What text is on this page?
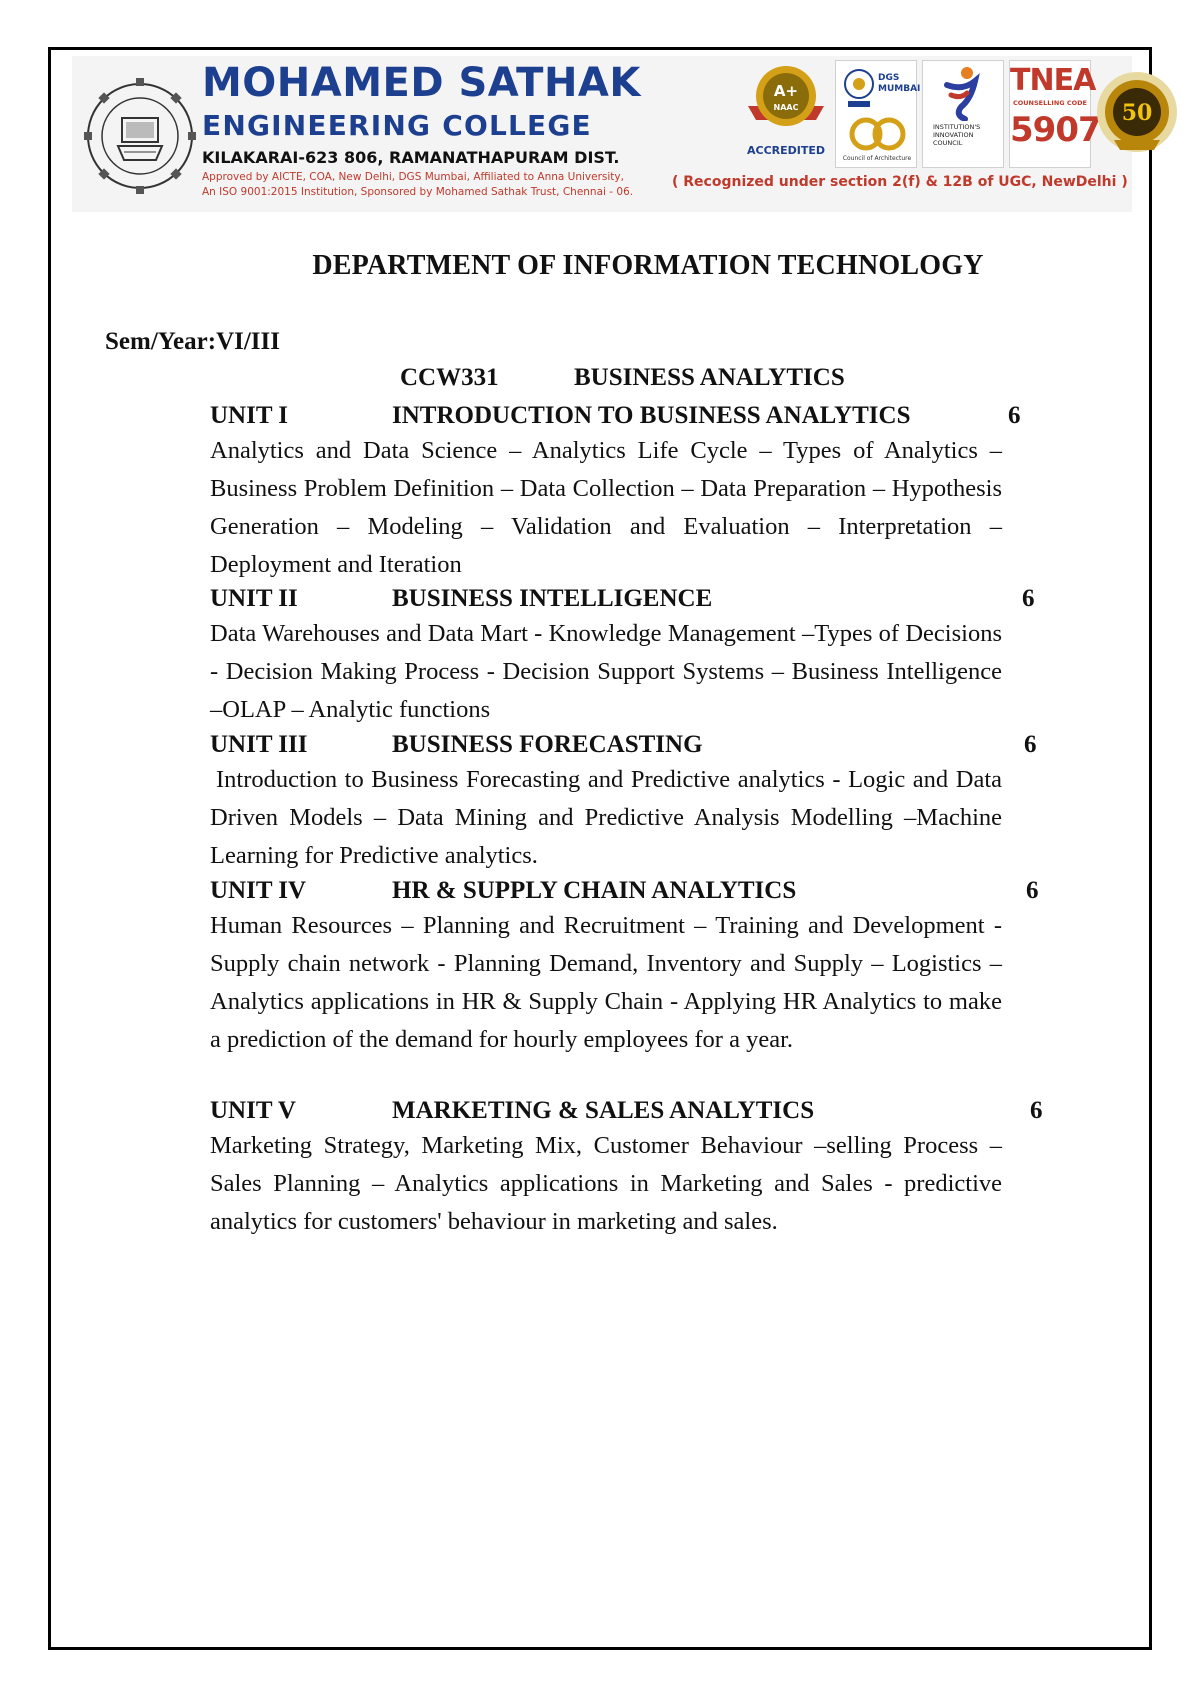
MOHAMED SATHAK
ENGINEERING COLLEGE
KILAKARAI-623 806, RAMANATHAPURAM DIST.
Approved by AICTE, COA, New Delhi, DGS Mumbai, Affiliated to Anna University,
An ISO 9001:2015 Institution, Sponsored by Mohamed Sathak Trust, Chennai - 06.
A+
NAAC
ACCREDITED
DGS MUMBAI
Council of Architecture
INSTITUTION'S INNOVATION COUNCIL
TNEA
COUNSELLING CODE
5907 50
( Recognized under section 2(f) & 12B of UGC, NewDelhi )
DEPARTMENT OF INFORMATION TECHNOLOGY
Sem/Year:VI/III
CCW331	BUSINESS ANALYTICS
UNIT I	INTRODUCTION TO BUSINESS ANALYTICS	6
Analytics and Data Science – Analytics Life Cycle – Types of Analytics – Business Problem Definition – Data Collection – Data Preparation – Hypothesis Generation – Modeling – Validation and Evaluation – Interpretation – Deployment and Iteration
UNIT II	BUSINESS INTELLIGENCE	6
Data Warehouses and Data Mart - Knowledge Management –Types of Decisions - Decision Making Process - Decision Support Systems – Business Intelligence –OLAP – Analytic functions
UNIT III	BUSINESS FORECASTING	6
Introduction to Business Forecasting and Predictive analytics - Logic and Data Driven Models – Data Mining and Predictive Analysis Modelling –Machine Learning for Predictive analytics.
UNIT IV	HR & SUPPLY CHAIN ANALYTICS	6
Human Resources – Planning and Recruitment – Training and Development - Supply chain network - Planning Demand, Inventory and Supply – Logistics – Analytics applications in HR & Supply Chain - Applying HR Analytics to make a prediction of the demand for hourly employees for a year.
UNIT V	MARKETING & SALES ANALYTICS	6
Marketing Strategy, Marketing Mix, Customer Behaviour –selling Process – Sales Planning – Analytics applications in Marketing and Sales - predictive analytics for customers' behaviour in marketing and sales.
